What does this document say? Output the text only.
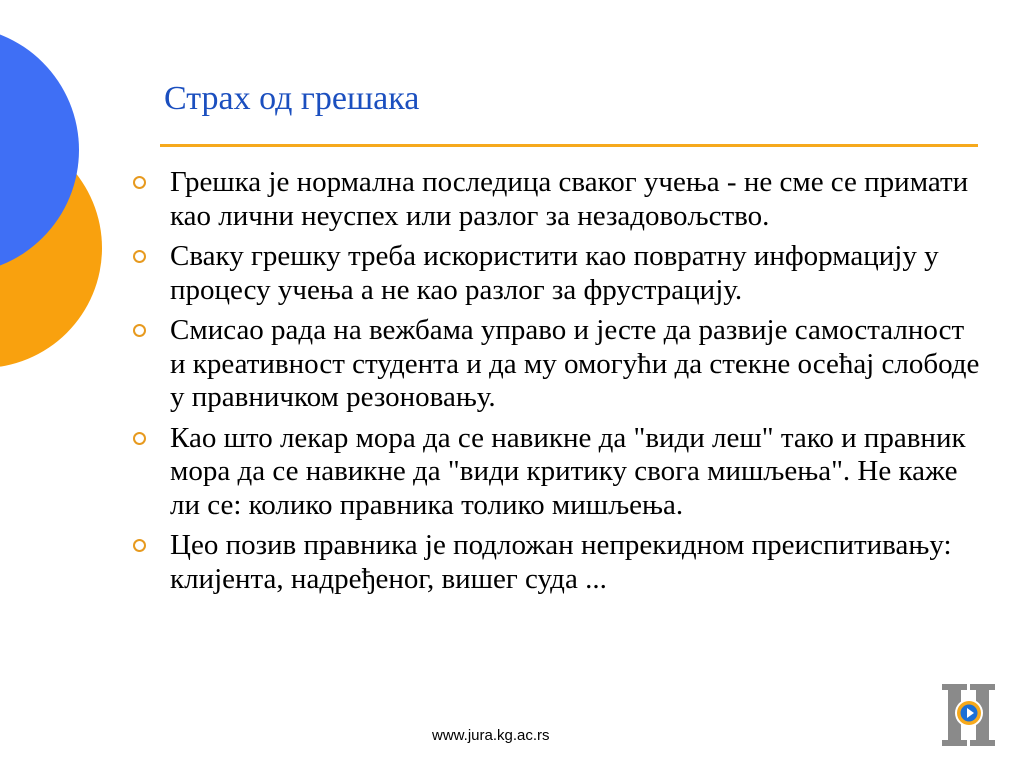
Страх од грешака
Грешка је нормална последица сваког учења - не сме се примати као лични неуспех или разлог за незадовољство.
Сваку грешку треба искористити као повратну информацију у процесу учења а не као разлог за фрустрацију.
Смисао рада на вежбама управо и јесте да развије самосталност и креативност студента и да му омогући да стекне осећај слободе у правничком резоновању.
Као што лекар мора да се навикне да "види леш" тако и правник мора да се навикне да "види критику свога мишљења". Не каже ли се: колико правника толико мишљења.
Цео позив правника је подложан непрекидном преиспитивању: клијента, надређеног, вишег суда ...
www.jura.kg.ac.rs
